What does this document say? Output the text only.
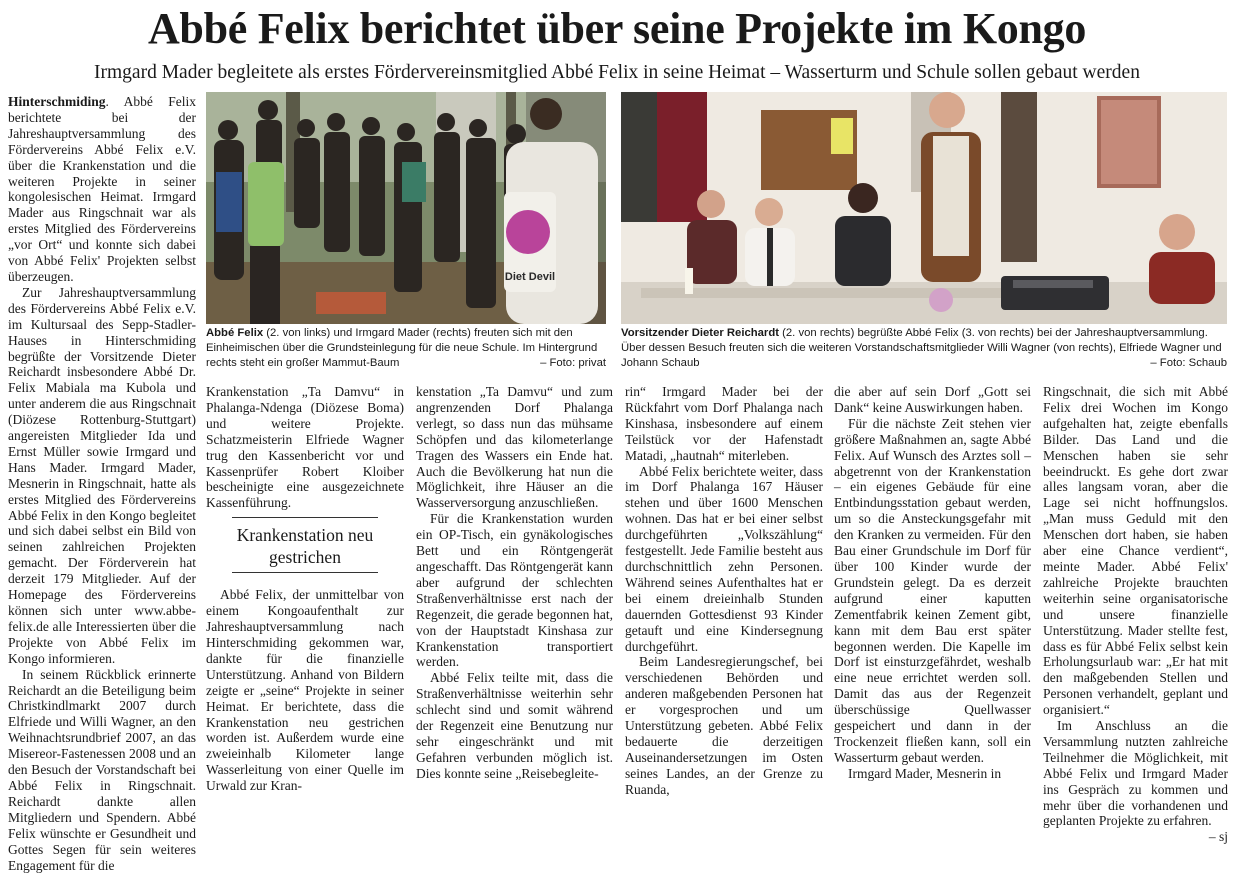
Abbé Felix berichtet über seine Projekte im Kongo
Irmgard Mader begleitete als erstes Fördervereinsmitglied Abbé Felix in seine Heimat – Wasserturm und Schule sollen gebaut werden

Hinterschmiding. Abbé Felix berichtete bei der Jahreshauptversammlung des Fördervereins Abbé Felix e.V. über die Krankenstation und die weiteren Projekte in seiner kongolesischen Heimat. Irmgard Mader aus Ringschnait war als erstes Mitglied des Fördervereins „vor Ort“ und konnte sich dabei von Abbé Felix' Projekten selbst überzeugen.

Zur Jahreshauptversammlung des Fördervereins Abbé Felix e.V. im Kultursaal des Sepp-Stadler-Hauses in Hinterschmiding begrüßte der Vorsitzende Dieter Reichardt insbesondere Abbé Dr. Felix Mabiala ma Kubola und unter anderem die aus Ringschnait (Diözese Rottenburg-Stuttgart) angereisten Mitglieder Ida und Ernst Müller sowie Irmgard und Hans Mader. Irmgard Mader, Mesnerin in Ringschnait, hatte als erstes Mitglied des Fördervereins Abbé Felix in den Kongo begleitet und sich dabei selbst ein Bild von seinen zahlreichen Projekten gemacht. Der Förderverein hat derzeit 179 Mitglieder. Auf der Homepage des Fördervereins können sich unter www.abbe-felix.de alle Interessierten über die Projekte von Abbé Felix im Kongo informieren.

In seinem Rückblick erinnerte Reichardt an die Beteiligung beim Christkindlmarkt 2007 durch Elfriede und Willi Wagner, an den Weihnachtsrundbrief 2007, an das Misereor-Fastenessen 2008 und an den Besuch der Vorstandschaft bei Abbé Felix in Ringschnait. Reichardt dankte allen Mitgliedern und Spendern. Abbé Felix wünschte er Gesundheit und Gottes Segen für sein weiteres Engagement für die

Diet Devil

Abbé Felix (2. von links) und Irmgard Mader (rechts) freuten sich mit den Einheimischen über die Grundsteinlegung für die neue Schule. Im Hintergrund rechts steht ein großer Mammut-Baum	– Foto: privat

Vorsitzender Dieter Reichardt (2. von rechts) begrüßte Abbé Felix (3. von rechts) bei der Jahreshauptversammlung. Über dessen Besuch freuten sich die weiteren Vorstandschaftsmitglieder Willi Wagner (von rechts), Elfriede Wagner und Johann Schaub	– Foto: Schaub

Krankenstation „Ta Damvu“ in Phalanga-Ndenga (Diözese Boma) und weitere Projekte. Schatzmeisterin Elfriede Wagner trug den Kassenbericht vor und Kassenprüfer Robert Kloiber bescheinigte eine ausgezeichnete Kassenführung.

Krankenstation neu gestrichen

Abbé Felix, der unmittelbar von einem Kongoaufenthalt zur Jahreshauptversammlung nach Hinterschmiding gekommen war, dankte für die finanzielle Unterstützung. Anhand von Bildern zeigte er „seine“ Projekte in seiner Heimat. Er berichtete, dass die Krankenstation neu gestrichen worden ist. Außerdem wurde eine zweieinhalb Kilometer lange Wasserleitung von einer Quelle im Urwald zur Kran-

kenstation „Ta Damvu“ und zum angrenzenden Dorf Phalanga verlegt, so dass nun das mühsame Schöpfen und das kilometerlange Tragen des Wassers ein Ende hat. Auch die Bevölkerung hat nun die Möglichkeit, ihre Häuser an die Wasserversorgung anzuschließen.

Für die Krankenstation wurden ein OP-Tisch, ein gynäkologisches Bett und ein Röntgengerät angeschafft. Das Röntgengerät kann aber aufgrund der schlechten Straßenverhältnisse erst nach der Regenzeit, die gerade begonnen hat, von der Hauptstadt Kinshasa zur Krankenstation transportiert werden.

Abbé Felix teilte mit, dass die Straßenverhältnisse weiterhin sehr schlecht sind und somit während der Regenzeit eine Benutzung nur sehr eingeschränkt und mit Gefahren verbunden möglich ist. Dies konnte seine „Reisebegleite-

rin“ Irmgard Mader bei der Rückfahrt vom Dorf Phalanga nach Kinshasa, insbesondere auf einem Teilstück vor der Hafenstadt Matadi, „hautnah“ miterleben.

Abbé Felix berichtete weiter, dass im Dorf Phalanga 167 Häuser stehen und über 1600 Menschen wohnen. Das hat er bei einer selbst durchgeführten „Volkszählung“ festgestellt. Jede Familie besteht aus durchschnittlich zehn Personen. Während seines Aufenthaltes hat er bei einem dreieinhalb Stunden dauernden Gottesdienst 93 Kinder getauft und eine Kindersegnung durchgeführt.

Beim Landesregierungschef, bei verschiedenen Behörden und anderen maßgebenden Personen hat er vorgesprochen und um Unterstützung gebeten. Abbé Felix bedauerte die derzeitigen Auseinandersetzungen im Osten seines Landes, an der Grenze zu Ruanda,

die aber auf sein Dorf „Gott sei Dank“ keine Auswirkungen haben.

Für die nächste Zeit stehen vier größere Maßnahmen an, sagte Abbé Felix. Auf Wunsch des Arztes soll – abgetrennt von der Krankenstation – ein eigenes Gebäude für eine Entbindungsstation gebaut werden, um so die Ansteckungsgefahr mit den Kranken zu vermeiden. Für den Bau einer Grundschule im Dorf für über 100 Kinder wurde der Grundstein gelegt. Da es derzeit aufgrund einer kaputten Zementfabrik keinen Zement gibt, kann mit dem Bau erst später begonnen werden. Die Kapelle im Dorf ist einsturzgefährdet, weshalb eine neue errichtet werden soll. Damit das aus der Regenzeit überschüssige Quellwasser gespeichert und dann in der Trockenzeit fließen kann, soll ein Wasserturm gebaut werden.

Irmgard Mader, Mesnerin in

Ringschnait, die sich mit Abbé Felix drei Wochen im Kongo aufgehalten hat, zeigte ebenfalls Bilder. Das Land und die Menschen haben sie sehr beeindruckt. Es gehe dort zwar alles langsam voran, aber die Lage sei nicht hoffnungslos. „Man muss Geduld mit den Menschen dort haben, sie haben aber eine Chance verdient“, meinte Mader. Abbé Felix' zahlreiche Projekte brauchten weiterhin seine organisatorische und unsere finanzielle Unterstützung. Mader stellte fest, dass es für Abbé Felix selbst kein Erholungsurlaub war: „Er hat mit den maßgebenden Stellen und Personen verhandelt, geplant und organisiert.“

Im Anschluss an die Versammlung nutzten zahlreiche Teilnehmer die Möglichkeit, mit Abbé Felix und Irmgard Mader ins Gespräch zu kommen und mehr über die vorhandenen und geplanten Projekte zu erfahren.
– sj
